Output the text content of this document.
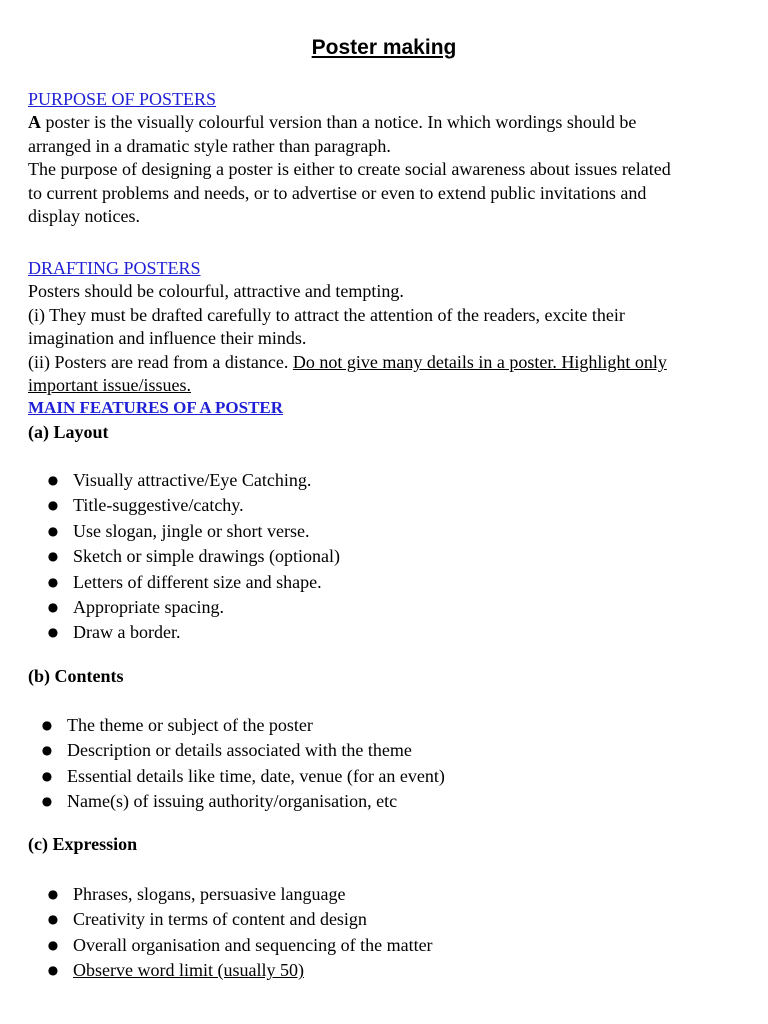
Poster making
PURPOSE OF POSTERS
A poster is the visually colourful version than a notice. In which wordings should be
arranged in a dramatic style rather than paragraph.
The purpose of designing a poster is either to create social awareness about issues related
to current problems and needs, or to advertise or even to extend public invitations and
display notices.
DRAFTING POSTERS
Posters should be colourful, attractive and tempting.
(i) They must be drafted carefully to attract the attention of the readers, excite their
imagination and influence their minds.
(ii) Posters are read from a distance. Do not give many details in a poster. Highlight only
important issue/issues.
MAIN FEATURES OF A POSTER
(a) Layout
● Visually attractive/Eye Catching.
● Title-suggestive/catchy.
● Use slogan, jingle or short verse.
● Sketch or simple drawings (optional)
● Letters of different size and shape.
● Appropriate spacing.
● Draw a border.
(b) Contents
● The theme or subject of the poster
● Description or details associated with the theme
● Essential details like time, date, venue (for an event)
● Name(s) of issuing authority/organisation, etc
(c) Expression
● Phrases, slogans, persuasive language
● Creativity in terms of content and design
● Overall organisation and sequencing of the matter
● Observe word limit (usually 50)
